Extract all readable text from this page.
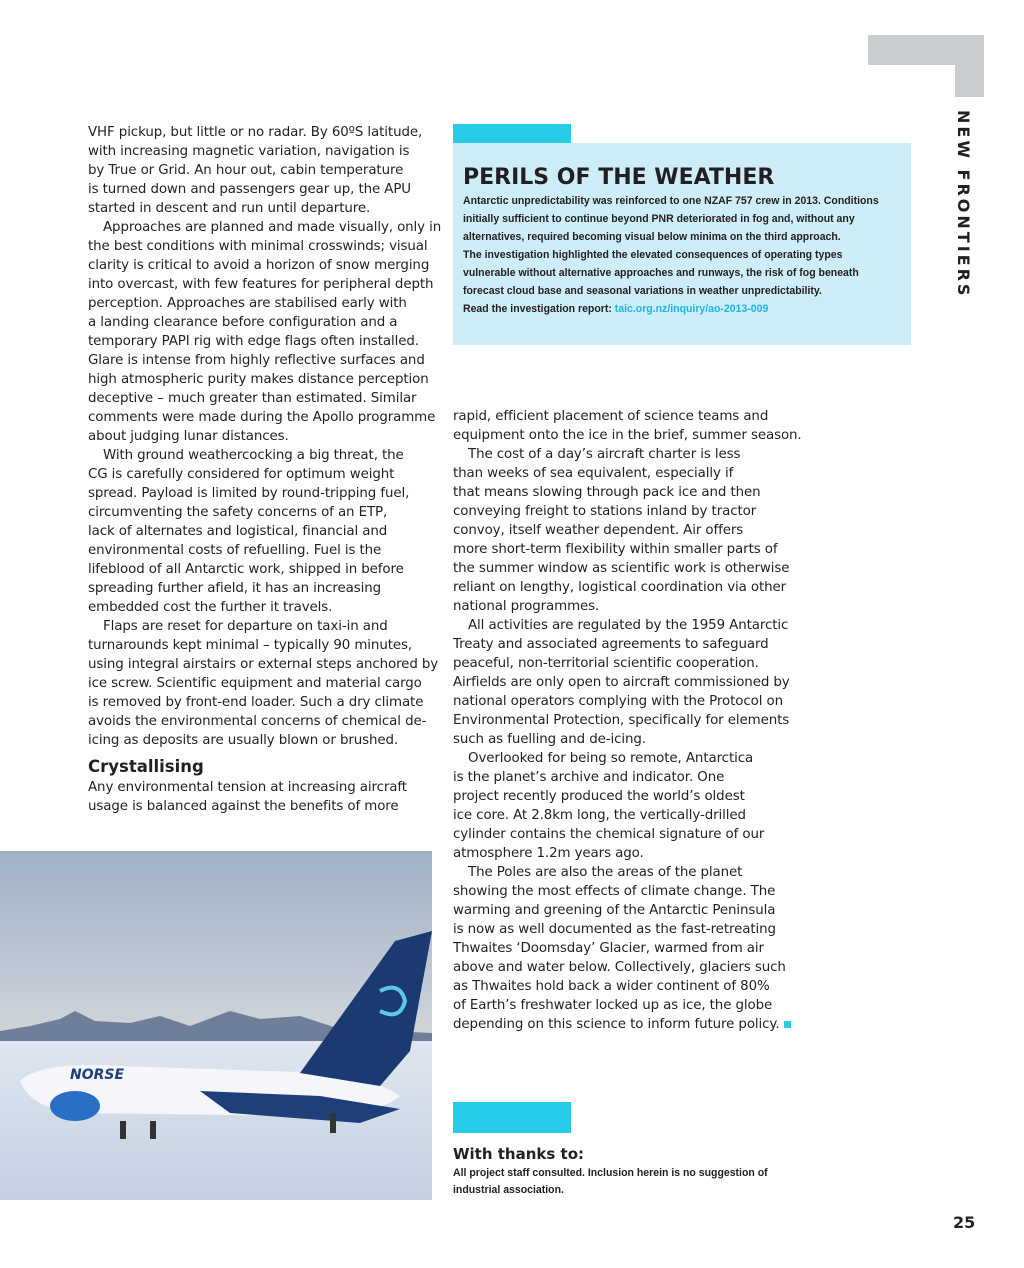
NEW FRONTIERS
VHF pickup, but little or no radar. By 60ºS latitude,
with increasing magnetic variation, navigation is
by True or Grid. An hour out, cabin temperature
is turned down and passengers gear up, the APU
started in descent and run until departure.
Approaches are planned and made visually, only in
the best conditions with minimal crosswinds; visual
clarity is critical to avoid a horizon of snow merging
into overcast, with few features for peripheral depth
perception. Approaches are stabilised early with
a landing clearance before configuration and a
temporary PAPI rig with edge flags often installed.
Glare is intense from highly reflective surfaces and
high atmospheric purity makes distance perception
deceptive – much greater than estimated. Similar
comments were made during the Apollo programme
about judging lunar distances.
With ground weathercocking a big threat, the
CG is carefully considered for optimum weight
spread. Payload is limited by round-tripping fuel,
circumventing the safety concerns of an ETP,
lack of alternates and logistical, financial and
environmental costs of refuelling. Fuel is the
lifeblood of all Antarctic work, shipped in before
spreading further afield, it has an increasing
embedded cost the further it travels.
Flaps are reset for departure on taxi-in and
turnarounds kept minimal – typically 90 minutes,
using integral airstairs or external steps anchored by
ice screw. Scientific equipment and material cargo
is removed by front-end loader. Such a dry climate
avoids the environmental concerns of chemical de-
icing as deposits are usually blown or brushed.
Crystallising
Any environmental tension at increasing aircraft
usage is balanced against the benefits of more
PERILS OF THE WEATHER
Antarctic unpredictability was reinforced to one NZAF 757 crew in 2013. Conditions
initially sufficient to continue beyond PNR deteriorated in fog and, without any
alternatives, required becoming visual below minima on the third approach.
The investigation highlighted the elevated consequences of operating types
vulnerable without alternative approaches and runways, the risk of fog beneath
forecast cloud base and seasonal variations in weather unpredictability.
Read the investigation report: taic.org.nz/inquiry/ao-2013-009
rapid, efficient placement of science teams and
equipment onto the ice in the brief, summer season.
The cost of a day’s aircraft charter is less
than weeks of sea equivalent, especially if
that means slowing through pack ice and then
conveying freight to stations inland by tractor
convoy, itself weather dependent. Air offers
more short-term flexibility within smaller parts of
the summer window as scientific work is otherwise
reliant on lengthy, logistical coordination via other
national programmes.
All activities are regulated by the 1959 Antarctic
Treaty and associated agreements to safeguard
peaceful, non-territorial scientific cooperation.
Airfields are only open to aircraft commissioned by
national operators complying with the Protocol on
Environmental Protection, specifically for elements
such as fuelling and de-icing.
Overlooked for being so remote, Antarctica
is the planet’s archive and indicator. One
project recently produced the world’s oldest
ice core. At 2.8km long, the vertically-drilled
cylinder contains the chemical signature of our
atmosphere 1.2m years ago.
The Poles are also the areas of the planet
showing the most effects of climate change. The
warming and greening of the Antarctic Peninsula
is now as well documented as the fast-retreating
Thwaites ‘Doomsday’ Glacier, warmed from air
above and water below. Collectively, glaciers such
as Thwaites hold back a wider continent of 80%
of Earth’s freshwater locked up as ice, the globe
depending on this science to inform future policy.
NORSE
With thanks to:

All project staff consulted. Inclusion herein is no suggestion of industrial association.

25
